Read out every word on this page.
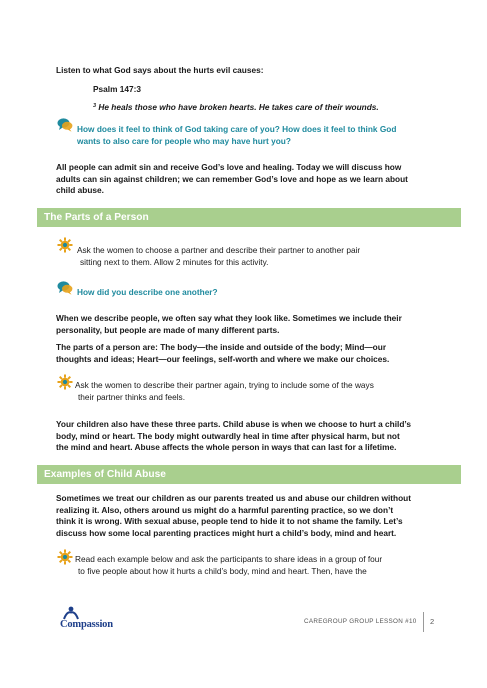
Listen to what God says about the hurts evil causes:
Psalm 147:3
$^3$ He heals those who have broken hearts. He takes care of their wounds.
How does it feel to think of God taking care of you? How does it feel to think God
wants to also care for people who may have hurt you?
All people can admit sin and receive God’s love and healing. Today we will discuss how
adults can sin against children; we can remember God’s love and hope as we learn about
child abuse.
The Parts of a Person
Ask the women to choose a partner and describe their partner to another pair
sitting next to them. Allow 2 minutes for this activity.
How did you describe one another?
When we describe people, we often say what they look like. Sometimes we include their
personality, but people are made of many different parts.
The parts of a person are: The body—the inside and outside of the body; Mind—our
thoughts and ideas; Heart—our feelings, self-worth and where we make our choices.
Ask the women to describe their partner again, trying to include some of the ways
their partner thinks and feels.
Your children also have these three parts. Child abuse is when we choose to hurt a child’s
body, mind or heart. The body might outwardly heal in time after physical harm, but not
the mind and heart. Abuse affects the whole person in ways that can last for a lifetime.
Examples of Child Abuse
Sometimes we treat our children as our parents treated us and abuse our children without
realizing it. Also, others around us might do a harmful parenting practice, so we don’t
think it is wrong. With sexual abuse, people tend to hide it to not shame the family. Let’s
discuss how some local parenting practices might hurt a child’s body, mind and heart.
Read each example below and ask the participants to share ideas in a group of four
to five people about how it hurts a child’s body, mind and heart. Then, have the
Compassion	CAREGROUP GROUP LESSON #10 2
